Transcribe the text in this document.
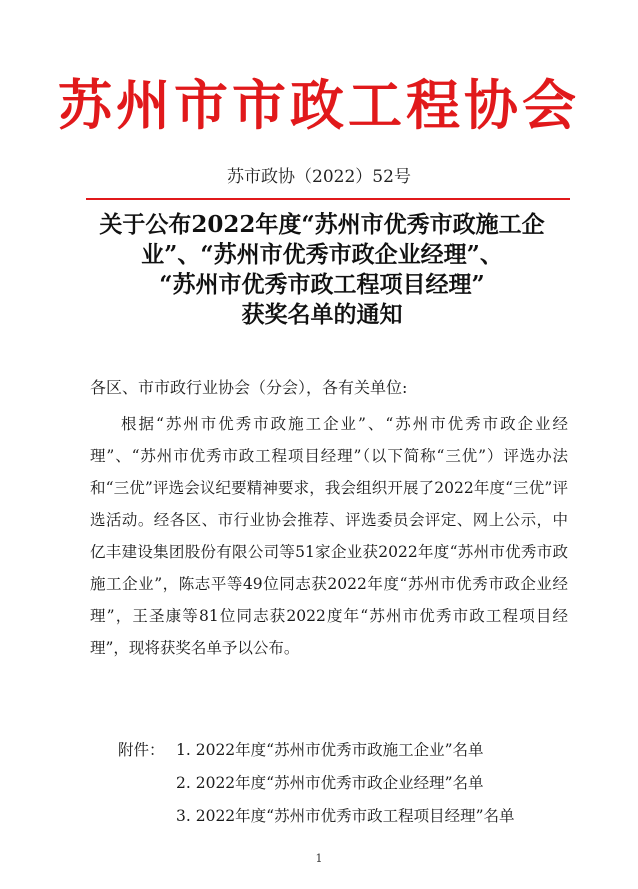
苏州市市政工程协会
苏市政协（2022）52号
关于公布2022年度“苏州市优秀市政施工企
业”、“苏州市优秀市政企业经理”、
“苏州市优秀市政工程项目经理”
获奖名单的通知
各区、市市政行业协会（分会），各有关单位:
根据“苏州市优秀市政施工企业”、“苏州市优秀市政企业经理”、“苏州市优秀市政工程项目经理”（以下简称“三优”）评选办法和“三优”评选会议纪要精神要求，我会组织开展了2022年度“三优”评选活动。经各区、市行业协会推荐、评选委员会评定、网上公示，中亿丰建设集团股份有限公司等51家企业获2022年度“苏州市优秀市政施工企业”，陈志平等49位同志获2022年度“苏州市优秀市政企业经理”，王圣康等81位同志获2022度年“苏州市优秀市政工程项目经理”，现将获奖名单予以公布。
附件： 1. 2022年度“苏州市优秀市政施工企业”名单
2. 2022年度“苏州市优秀市政企业经理”名单
3. 2022年度“苏州市优秀市政工程项目经理”名单
1
